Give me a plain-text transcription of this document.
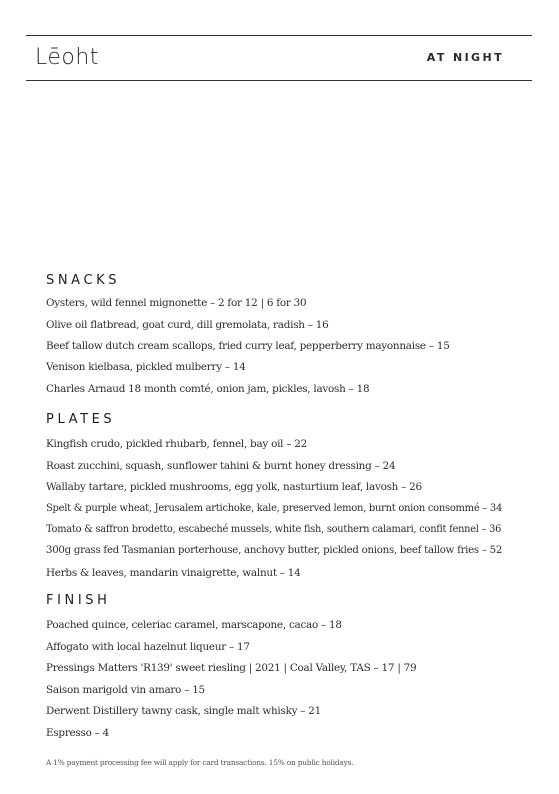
Lēoht	AT NIGHT
SNACKS
Oysters, wild fennel mignonette – 2 for 12 | 6 for 30
Olive oil flatbread, goat curd, dill gremolata, radish – 16
Beef tallow dutch cream scallops, fried curry leaf, pepperberry mayonnaise – 15
Venison kielbasa, pickled mulberry – 14
Charles Arnaud 18 month comté, onion jam, pickles, lavosh – 18
PLATES
Kingfish crudo, pickled rhubarb, fennel, bay oil – 22
Roast zucchini, squash, sunflower tahini & burnt honey dressing – 24
Wallaby tartare, pickled mushrooms, egg yolk, nasturtium leaf, lavosh – 26
Spelt & purple wheat, Jerusalem artichoke, kale, preserved lemon, burnt onion consommé – 34
Tomato & saffron brodetto, escabeché mussels, white fish, southern calamari, confit fennel – 36
300g grass fed Tasmanian porterhouse, anchovy butter, pickled onions, beef tallow fries – 52
Herbs & leaves, mandarin vinaigrette, walnut – 14
FINISH
Poached quince, celeriac caramel, marscapone, cacao – 18
Affogato with local hazelnut liqueur – 17
Pressings Matters 'R139' sweet riesling | 2021 | Coal Valley, TAS – 17 | 79
Saison marigold vin amaro – 15
Derwent Distillery tawny cask, single malt whisky – 21
Espresso – 4
A 1% payment processing fee will apply for card transactions. 15% on public holidays.
